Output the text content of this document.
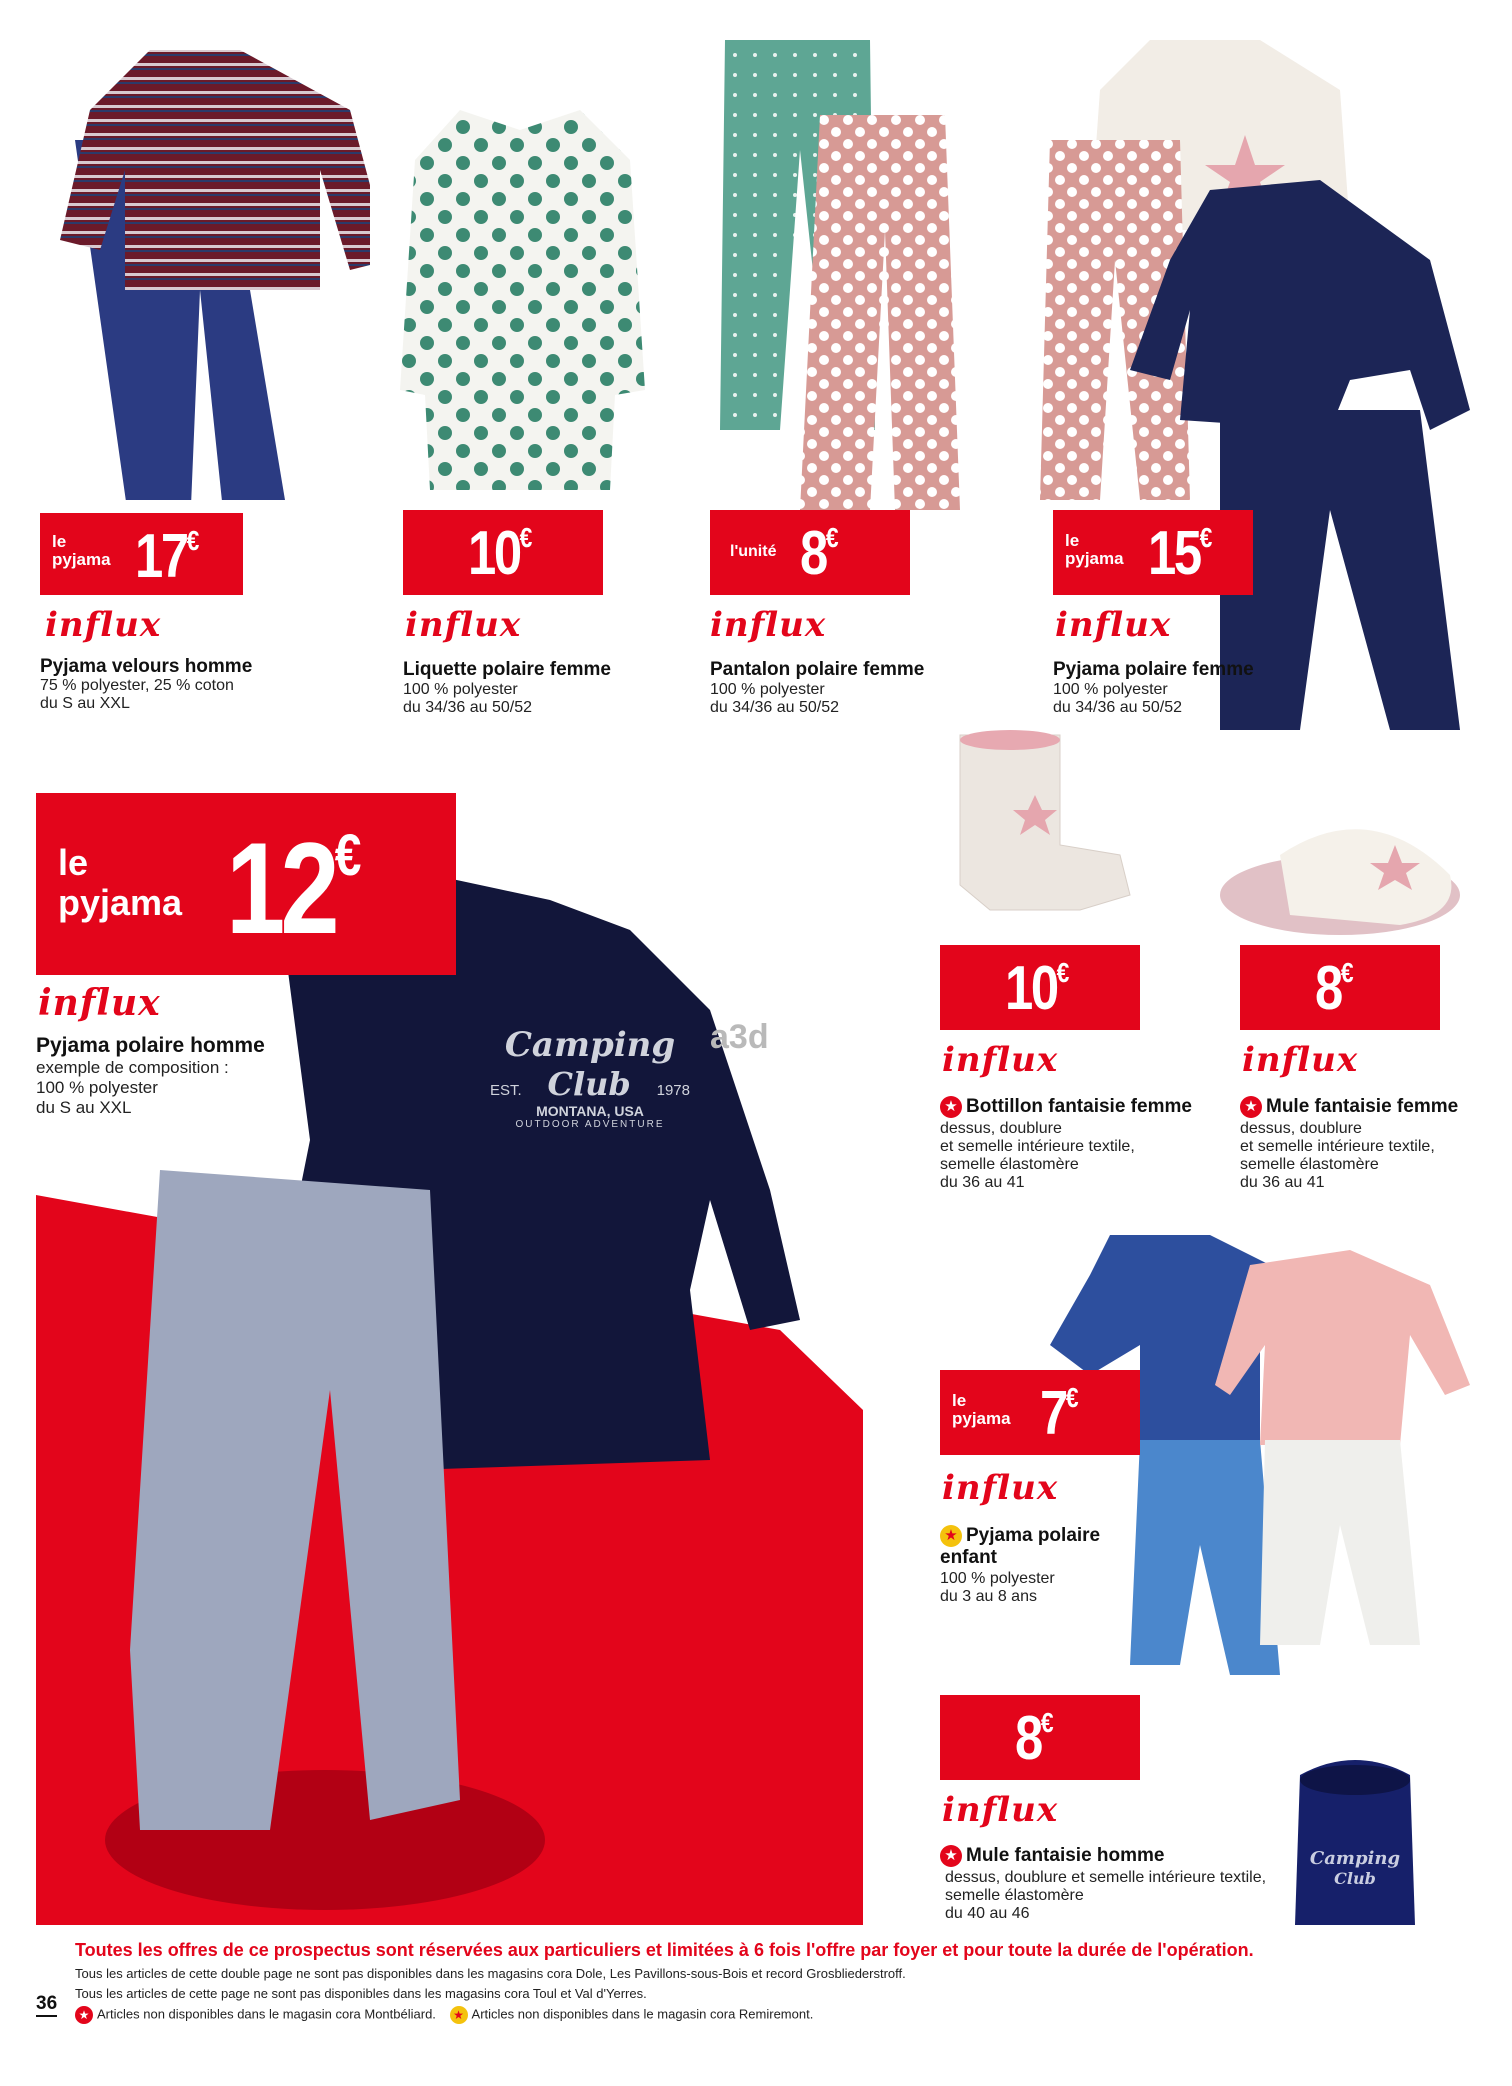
Camping
EST. Club 1978
MONTANA, USA
OUTDOOR ADVENTURE
a3d
Camping
Club
le
pyjama 17€
influx
Pyjama velours homme
75 % polyester, 25 % coton
du S au XXL
10€
influx
Liquette polaire femme
100 % polyester
du 34/36 au 50/52
l'unité 8€
influx
Pantalon polaire femme
100 % polyester
du 34/36 au 50/52
le
pyjama 15€
influx
Pyjama polaire femme
100 % polyester
du 34/36 au 50/52
le
pyjama 12€
influx
Pyjama polaire homme
exemple de composition :
100 % polyester
du S au XXL
10€
influx
★ Bottillon fantaisie femme
dessus, doublure
et semelle intérieure textile,
semelle élastomère
du 36 au 41
8€
influx
★ Mule fantaisie femme
dessus, doublure
et semelle intérieure textile,
semelle élastomère
du 36 au 41
le
pyjama 7€
influx
★ Pyjama polaire
enfant
100 % polyester
du 3 au 8 ans
8€
influx
★ Mule fantaisie homme
dessus, doublure et semelle intérieure textile,
semelle élastomère
du 40 au 46
Toutes les offres de ce prospectus sont réservées aux particuliers et limitées à 6 fois l'offre par foyer et pour toute la durée de l'opération.
Tous les articles de cette double page ne sont pas disponibles dans les magasins cora Dole, Les Pavillons-sous-Bois et record Grosbliederstroff.
Tous les articles de cette page ne sont pas disponibles dans les magasins cora Toul et Val d'Yerres.
★ Articles non disponibles dans le magasin cora Montbéliard. ★ Articles non disponibles dans le magasin cora Remiremont.
36
